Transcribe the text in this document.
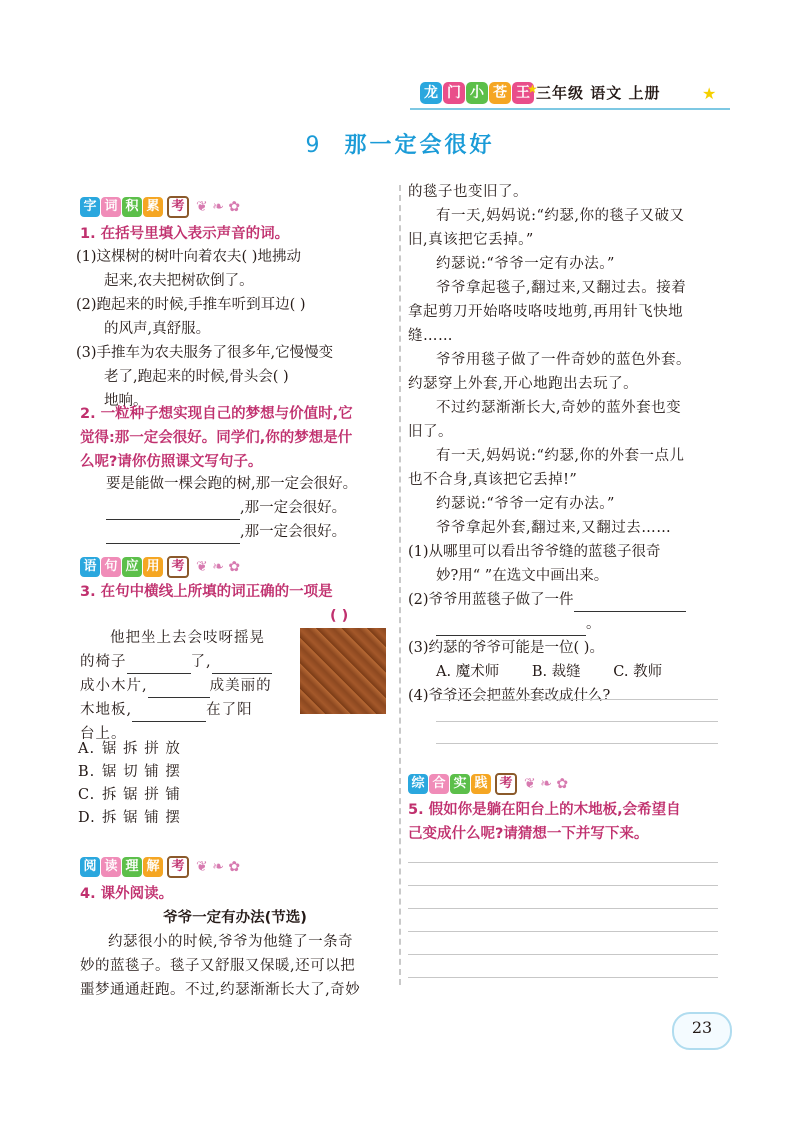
龙 门 小 苍 王
★
三年级 语文 上册	★
9 那一定会很好
字 词 积 累 考 ❦ ❧ ✿
1. 在括号里填入表示声音的词。
(1)这棵树的树叶向着农夫( )地拂动
起来,农夫把树砍倒了。
(2)跑起来的时候,手推车听到耳边( )
的风声,真舒服。
(3)手推车为农夫服务了很多年,它慢慢变
老了,跑起来的时候,骨头会( )
地响。
2. 一粒种子想实现自己的梦想与价值时,它
觉得:那一定会很好。同学们,你的梦想是什
么呢?请你仿照课文写句子。
要是能做一棵会跑的树,那一定会很好。
,那一定会很好。
,那一定会很好。
语 句 应 用 考 ❦ ❧ ✿
3. 在句中横线上所填的词正确的一项是
( )
他把坐上去会吱呀摇晃
的椅子	了,
成小木片,	成美丽的
木地板,	在了阳
台上。
A. 锯 拆 拼 放
B. 锯 切 铺 摆
C. 拆 锯 拼 铺
D. 拆 锯 铺 摆
阅 读 理 解 考 ❦ ❧ ✿
4. 课外阅读。
爷爷一定有办法(节选)
约瑟很小的时候,爷爷为他缝了一条奇
妙的蓝毯子。毯子又舒服又保暖,还可以把
噩梦通通赶跑。不过,约瑟渐渐长大了,奇妙
的毯子也变旧了。
有一天,妈妈说:“约瑟,你的毯子又破又
旧,真该把它丢掉。”
约瑟说:“爷爷一定有办法。”
爷爷拿起毯子,翻过来,又翻过去。接着
拿起剪刀开始咯吱咯吱地剪,再用针飞快地
缝……
爷爷用毯子做了一件奇妙的蓝色外套。
约瑟穿上外套,开心地跑出去玩了。
不过约瑟渐渐长大,奇妙的蓝外套也变
旧了。
有一天,妈妈说:“约瑟,你的外套一点儿
也不合身,真该把它丢掉!”
约瑟说:“爷爷一定有办法。”
爷爷拿起外套,翻过来,又翻过去……
(1)从哪里可以看出爷爷缝的蓝毯子很奇
妙?用“ ”在选文中画出来。
(2)爷爷用蓝毯子做了一件
。
(3)约瑟的爷爷可能是一位( )。
A. 魔术师 B. 裁缝 C. 教师
(4)爷爷还会把蓝外套改成什么?
综 合 实 践 考 ❦ ❧ ✿
5. 假如你是躺在阳台上的木地板,会希望自
己变成什么呢?请猜想一下并写下来。
23
